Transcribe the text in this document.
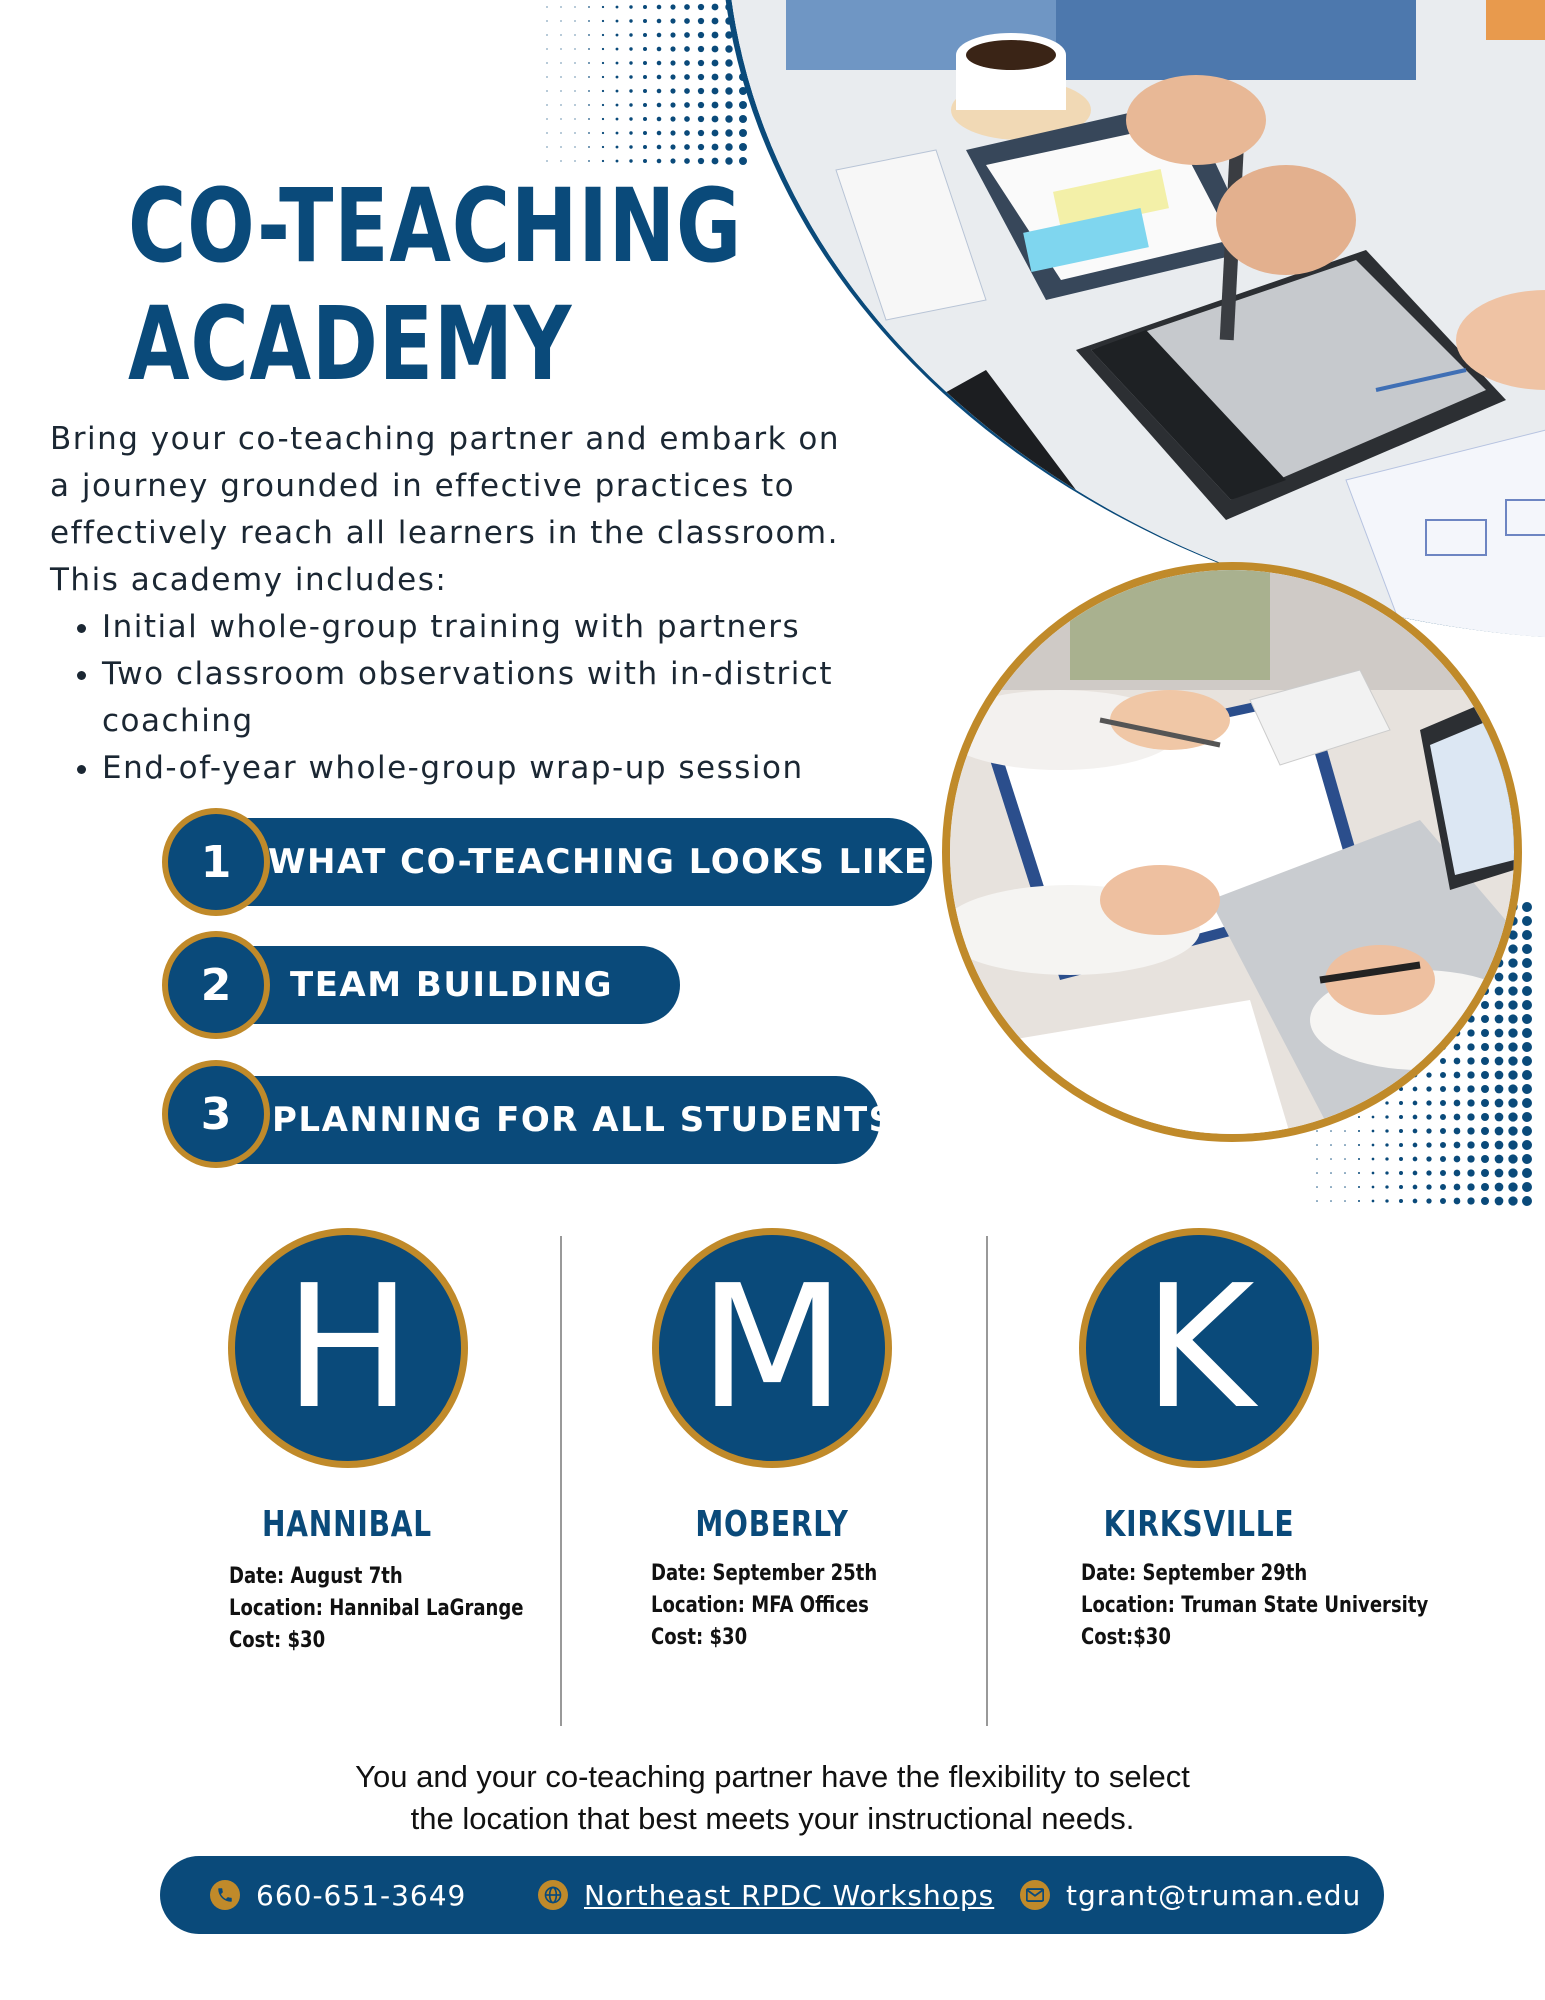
CO-TEACHING
ACADEMY

Bring your co-teaching partner and embark on a journey grounded in effective practices to effectively reach all learners in the classroom. This academy includes:

• Initial whole-group training with partners
• Two classroom observations with in-district coaching
• End-of-year whole-group wrap-up session
1	WHAT CO-TEACHING LOOKS LIKE
2	TEAM BUILDING
3	PLANNING FOR ALL STUDENTS
H
HANNIBAL
Date: August 7th
Location: Hannibal LaGrange
Cost: $30
M
MOBERLY
Date: September 25th
Location: MFA Offices
Cost: $30
K
KIRKSVILLE
Date: September 29th
Location: Truman State University
Cost:$30
You and your co-teaching partner have the flexibility to select
the location that best meets your instructional needs.
660-651-3649	Northeast RPDC Workshops	tgrant@truman.edu
